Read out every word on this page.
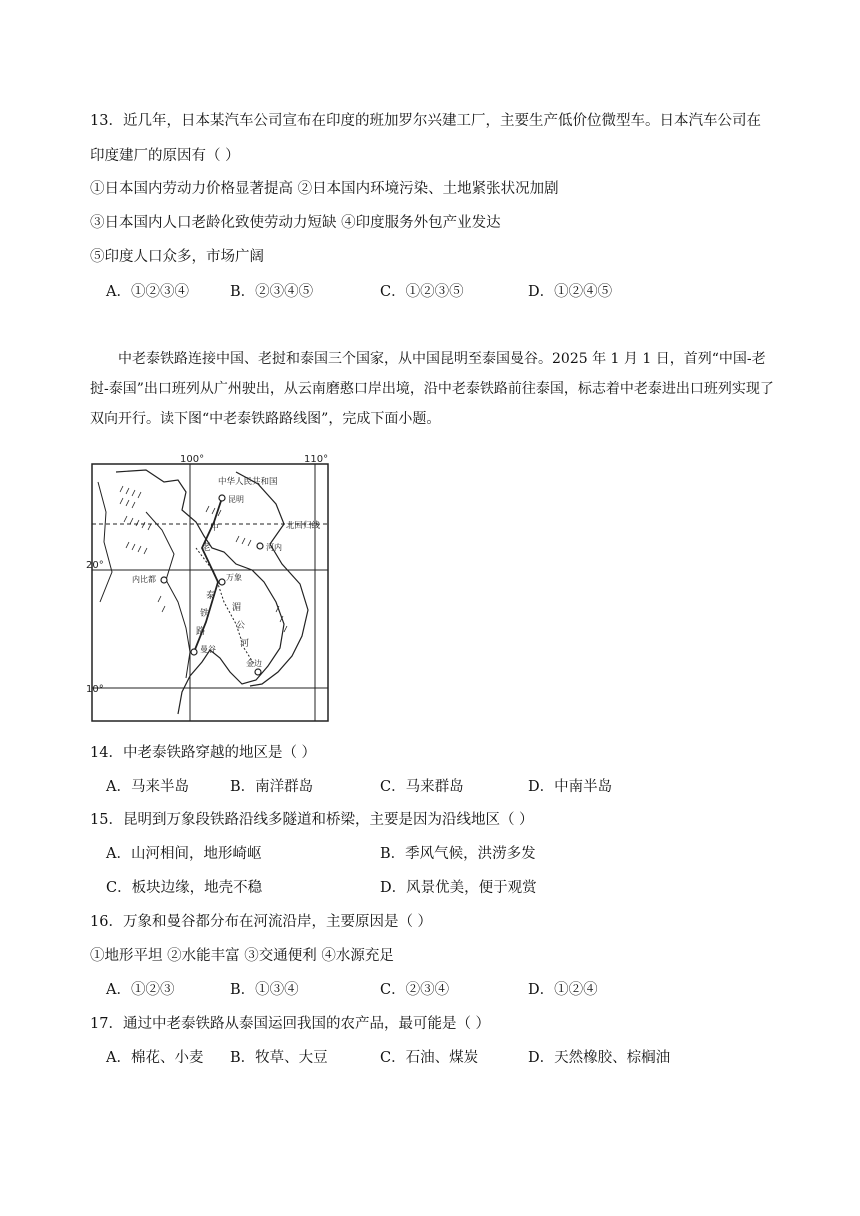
13．近几年，日本某汽车公司宣布在印度的班加罗尔兴建工厂，主要生产低价位微型车。日本汽车公司在
印度建厂的原因有（ ）
①日本国内劳动力价格显著提高 ②日本国内环境污染、土地紧张状况加剧
③日本国内人口老龄化致使劳动力短缺 ④印度服务外包产业发达
⑤印度人口众多，市场广阔
A．①②③④	B．②③④⑤	C．①②③⑤	D．①②④⑤
中老泰铁路连接中国、老挝和泰国三个国家，从中国昆明至泰国曼谷。2025 年 1 月 1 日，首列“中国-老挝-泰国”出口班列从广州驶出，从云南磨憨口岸出境，沿中老泰铁路前往泰国，标志着中老泰进出口班列实现了双向开行。读下图“中老泰铁路路线图”，完成下面小题。
100°	110°
20°
10°
中华人民共和国
北回归线
昆明
河内
内比都	万象
曼谷
金边
中
老
泰
铁
路
湄
公
河
14．中老泰铁路穿越的地区是（ ）
A．马来半岛	B．南洋群岛	C．马来群岛	D．中南半岛
15．昆明到万象段铁路沿线多隧道和桥梁，主要是因为沿线地区（ ）
A．山河相间，地形崎岖	B．季风气候，洪涝多发
C．板块边缘，地壳不稳	D．风景优美，便于观赏
16．万象和曼谷都分布在河流沿岸，主要原因是（ ）
①地形平坦 ②水能丰富 ③交通便利 ④水源充足
A．①②③	B．①③④	C．②③④	D．①②④
17．通过中老泰铁路从泰国运回我国的农产品，最可能是（ ）
A．棉花、小麦 B．牧草、大豆	C．石油、煤炭	D．天然橡胶、棕榈油
